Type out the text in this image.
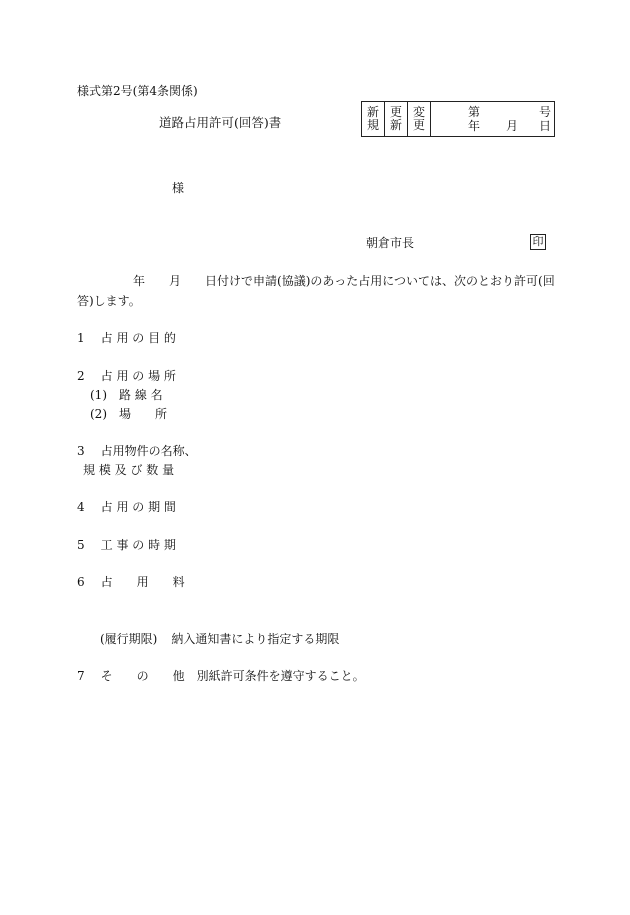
様式第2号(第4条関係)
道路占用許可(回答)書
新
規

更
新

変
更

第	号
年 月 日
様
朝倉市長	印
年 月 日付けで申請(協議)のあった占用については、次のとおり許可(回
答)します。
1 占 用 の 目 的
2 占 用 の 場 所
(1)　路 線 名
(2)　場　　所
3 占用物件の名称、
規 模 及 び 数 量
4 占 用 の 期 間
5 工 事 の 時 期
6 占　　用　　料
(履行期限) 納入通知書により指定する期限
7 そ　　の　　他 別紙許可条件を遵守すること。
